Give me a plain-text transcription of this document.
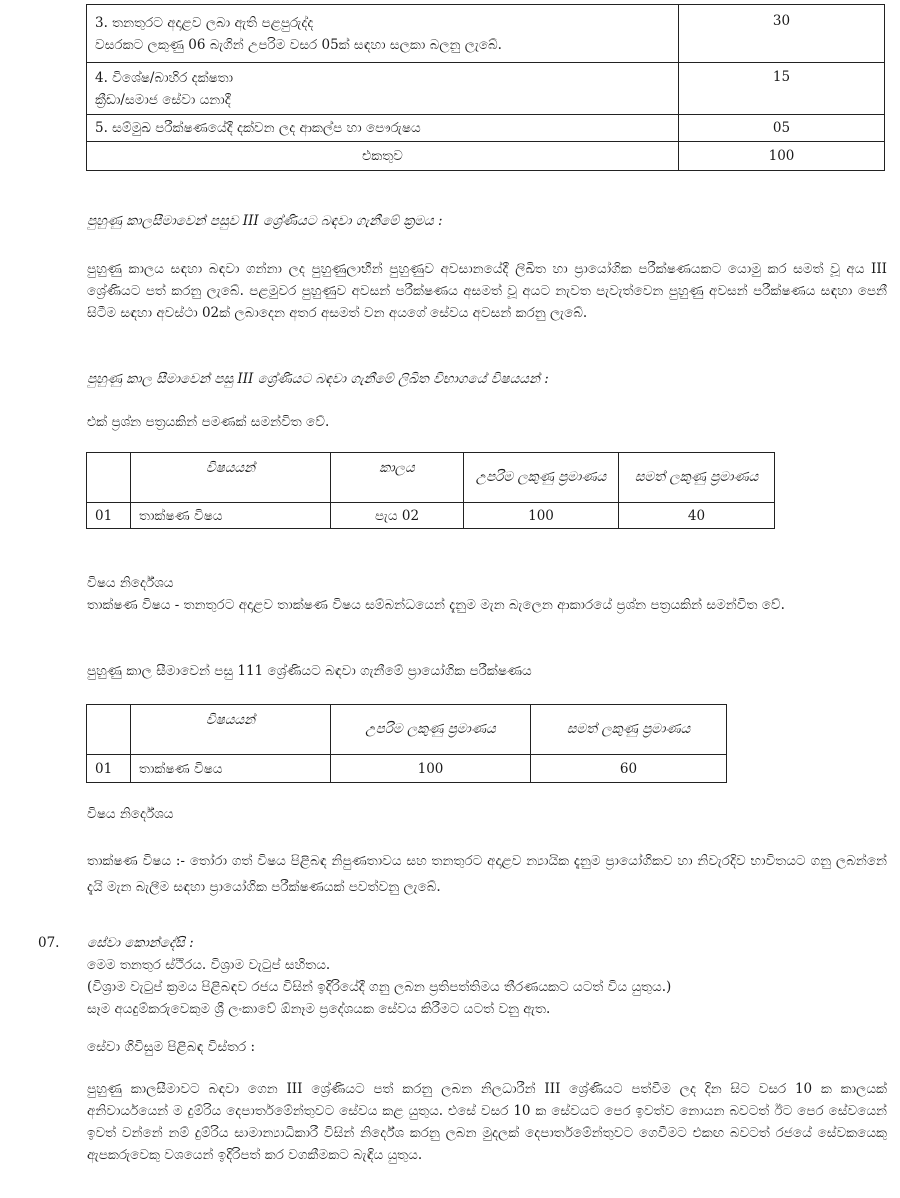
3. තනතුරට අදාළව ලබා ඇති පළපුරුද්ද
වසරකට ලකුණු 06 බැගින් උපරිම වසර 05ක් සඳහා සලකා බලනු ලැබේ.	30

4. විශේෂ/බාහිර දක්ෂතා
ක්‍රීඩා/සමාජ සේවා යනාදී	15
5. සම්මුඛ පරීක්ෂණයේදී දක්වන ලද ආකල්ප හා පෞරුෂය	05
එකතුව	100

පුහුණු කාලසීමාවෙන් පසුව III ශ්‍රේණියට බඳවා ගැනීමේ ක්‍රමය :

පුහුණු කාලය සඳහා බඳවා ගන්නා ලද පුහුණුලාභීන් පුහුණුව අවසානයේදී ලිඛිත හා ප්‍රායෝගික පරීක්ෂණයකට යොමු කර සමත් වූ අය III ශ්‍රේණියට පත් කරනු ලැබේ. පළමුවර පුහුණුව අවසන් පරීක්ෂණය අසමත් වූ අයට නැවත පැවැත්වෙන පුහුණු අවසන් පරීක්ෂණය සඳහා පෙනී සිටීම සඳහා අවස්ථා 02ක් ලබාදෙන අතර අසමත් වන අයගේ සේවය අවසන් කරනු ලැබේ.

පුහුණු කාල සීමාවෙන් පසු III ශ්‍රේණියට බඳවා ගැනීමේ ලිඛිත විභාගයේ විෂයයන් :

එක් ප්‍රශ්න පත්‍රයකින් පමණක් සමන්විත වේ.

	විෂයයන්	කාලය	උපරිම ලකුණු ප්‍රමාණය	සමත් ලකුණු ප්‍රමාණය
01	තාක්ෂණ විෂය	පැය 02	100	40

විෂය නිර්දේශය

තාක්ෂණ විෂය - තනතුරට අදාළව තාක්ෂණ විෂය සම්බන්ධයෙන් දැනුම මැන බැලෙන ආකාරයේ ප්‍රශ්න පත්‍රයකින් සමන්විත වේ.

පුහුණු කාල සීමාවෙන් පසු 111 ශ්‍රේණියට බඳවා ගැනීමේ ප්‍රායෝගික පරීක්ෂණය

	විෂයයන්	උපරිම ලකුණු ප්‍රමාණය	සමත් ලකුණු ප්‍රමාණය
01	තාක්ෂණ විෂය	100	60

විෂය නිර්දේශය

තාක්ෂණ විෂය :- තෝරා ගත් විෂය පිළිබඳ නිපුණතාවය සහ තනතුරට අදාළව න්‍යායික දැනුම ප්‍රායෝගිකව හා නිවැරදිව භාවිතයට ගනු ලබන්නේ දැයි මැන බැලීම සඳහා ප්‍රායෝගික පරීක්ෂණයක් පවත්වනු ලැබේ.

07. සේවා කොන්දේසි :

මෙම තනතුර ස්ථිරය. විශ්‍රාම වැටුප් සහිතය.

(විශ්‍රාම වැටුප් ක්‍රමය පිළිබඳව රජය විසින් ඉදිරියේදී ගනු ලබන ප්‍රතිපත්තිමය තීරණයකට යටත් විය යුතුය.)

සෑම අයදුම්කරුවෙකුම ශ්‍රී ලංකාවේ ඕනෑම ප්‍රදේශයක සේවය කිරීමට යටත් වනු ඇත.

සේවා ගිවිසුම පිළිබඳ විස්තර :

පුහුණු කාලසීමාවට බඳවා ගෙන III ශ්‍රේණියට පත් කරනු ලබන නිලධාරීන් III ශ්‍රේණියට පත්වීම ලද දින සිට වසර 10 ක කාලයක් අනිවාර්යයෙන් ම දුම්රිය දෙපාර්තමේන්තුවට සේවය කළ යුතුය. එසේ වසර 10 ක සේවයට පෙර ඉවත්ව නොයන බවටත් ඊට පෙර සේවයෙන් ඉවත් වන්නේ නම් දුම්රිය සාමාන්‍යාධිකාරී විසින් නිර්දේශ කරනු ලබන මුදලක් දෙපාර්තමේන්තුවට ගෙවීමට එකඟ බවටත් රජයේ සේවකයෙකු ඇපකරුවෙකු වශයෙන් ඉදිරිපත් කර වගකීමකට බැඳිය යුතුය.
